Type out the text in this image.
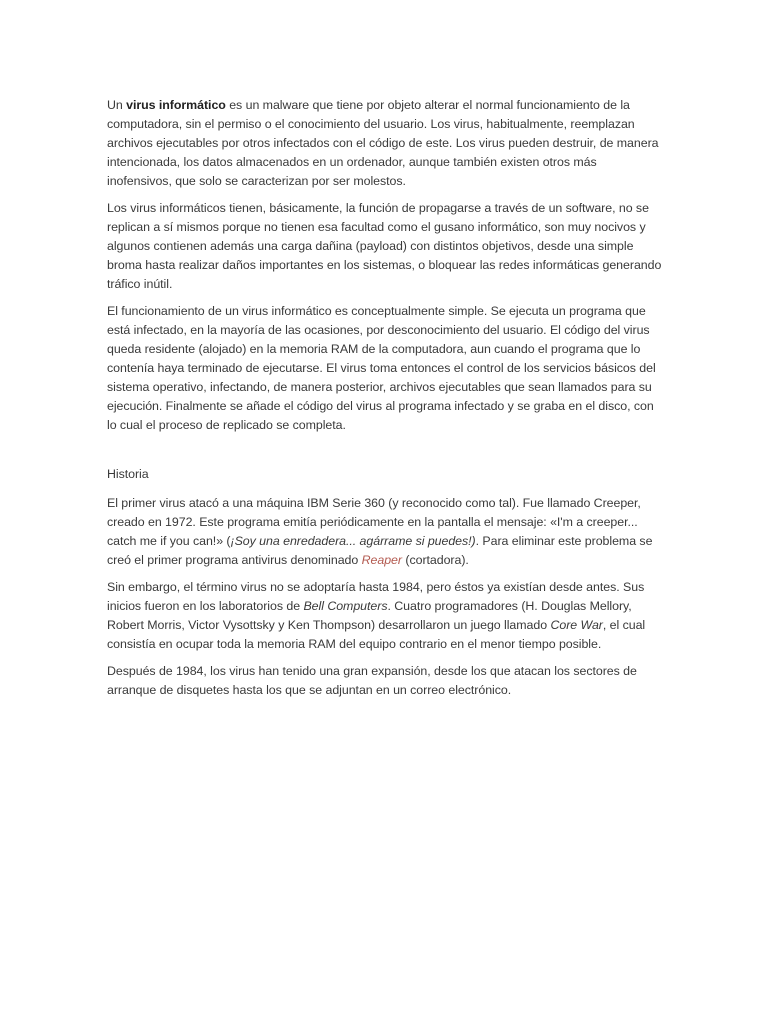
Un virus informático es un malware que tiene por objeto alterar el normal funcionamiento de la computadora, sin el permiso o el conocimiento del usuario. Los virus, habitualmente, reemplazan archivos ejecutables por otros infectados con el código de este. Los virus pueden destruir, de manera intencionada, los datos almacenados en un ordenador, aunque también existen otros más inofensivos, que solo se caracterizan por ser molestos.

Los virus informáticos tienen, básicamente, la función de propagarse a través de un software, no se replican a sí mismos porque no tienen esa facultad como el gusano informático, son muy nocivos y algunos contienen además una carga dañina (payload) con distintos objetivos, desde una simple broma hasta realizar daños importantes en los sistemas, o bloquear las redes informáticas generando tráfico inútil.

El funcionamiento de un virus informático es conceptualmente simple. Se ejecuta un programa que está infectado, en la mayoría de las ocasiones, por desconocimiento del usuario. El código del virus queda residente (alojado) en la memoria RAM de la computadora, aun cuando el programa que lo contenía haya terminado de ejecutarse. El virus toma entonces el control de los servicios básicos del sistema operativo, infectando, de manera posterior, archivos ejecutables que sean llamados para su ejecución. Finalmente se añade el código del virus al programa infectado y se graba en el disco, con lo cual el proceso de replicado se completa.

Historia

El primer virus atacó a una máquina IBM Serie 360 (y reconocido como tal). Fue llamado Creeper, creado en 1972. Este programa emitía periódicamente en la pantalla el mensaje: «I'm a creeper... catch me if you can!» (¡Soy una enredadera... agárrame si puedes!). Para eliminar este problema se creó el primer programa antivirus denominado Reaper (cortadora).

Sin embargo, el término virus no se adoptaría hasta 1984, pero éstos ya existían desde antes. Sus inicios fueron en los laboratorios de Bell Computers. Cuatro programadores (H. Douglas Mellory, Robert Morris, Victor Vysottsky y Ken Thompson) desarrollaron un juego llamado Core War, el cual consistía en ocupar toda la memoria RAM del equipo contrario en el menor tiempo posible.

Después de 1984, los virus han tenido una gran expansión, desde los que atacan los sectores de arranque de disquetes hasta los que se adjuntan en un correo electrónico.
